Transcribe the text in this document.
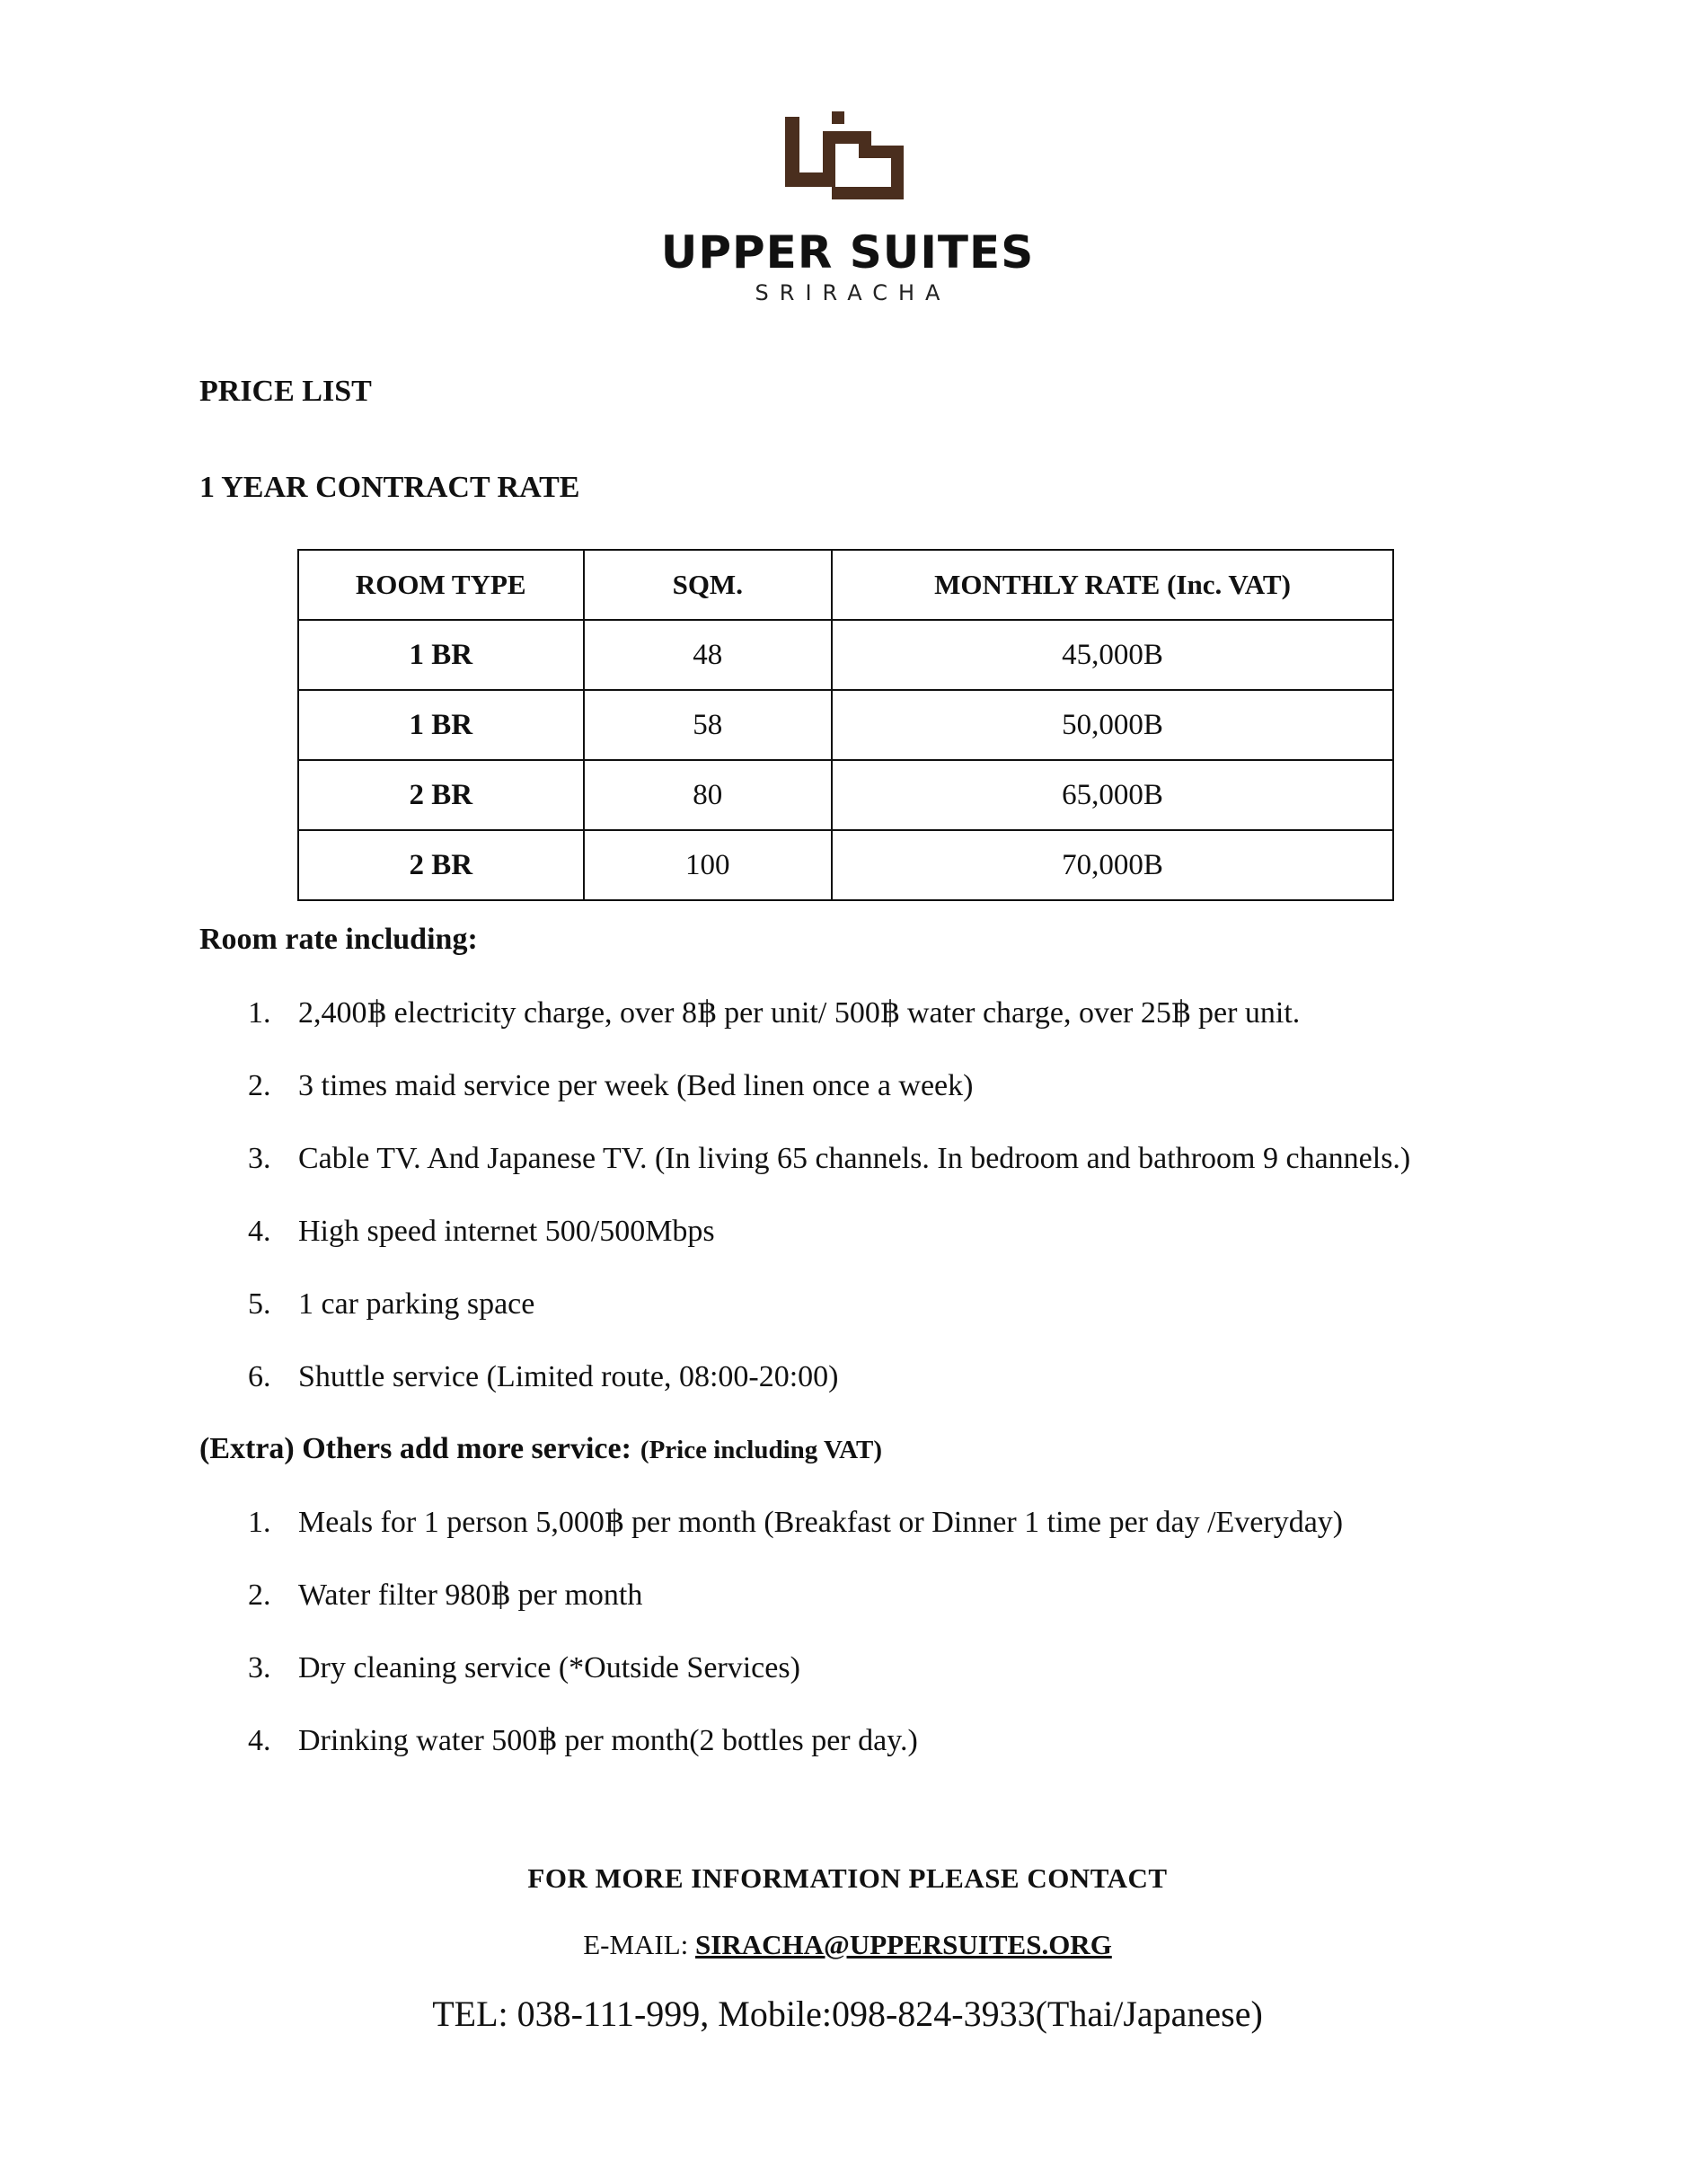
UPPER SUITES
SRIRACHA
PRICE LIST
1 YEAR CONTRACT RATE
ROOM TYPE	SQM.	MONTHLY RATE (Inc. VAT)
1 BR	48	45,000B
1 BR	58	50,000B
2 BR	80	65,000B
2 BR	100	70,000B
Room rate including:
1. 2,400฿ electricity charge, over 8฿ per unit/ 500฿ water charge, over 25฿ per unit.
2. 3 times maid service per week (Bed linen once a week)
3. Cable TV. And Japanese TV. (In living 65 channels. In bedroom and bathroom 9 channels.)
4. High speed internet 500/500Mbps
5. 1 car parking space
6. Shuttle service (Limited route, 08:00-20:00)
(Extra) Others add more service: (Price including VAT)
1. Meals for 1 person 5,000฿ per month (Breakfast or Dinner 1 time per day /Everyday)
2. Water filter 980฿ per month
3. Dry cleaning service (*Outside Services)
4. Drinking water 500฿ per month(2 bottles per day.)
FOR MORE INFORMATION PLEASE CONTACT
E-MAIL: SIRACHA@UPPERSUITES.ORG
TEL: 038-111-999, Mobile:098-824-3933(Thai/Japanese)
